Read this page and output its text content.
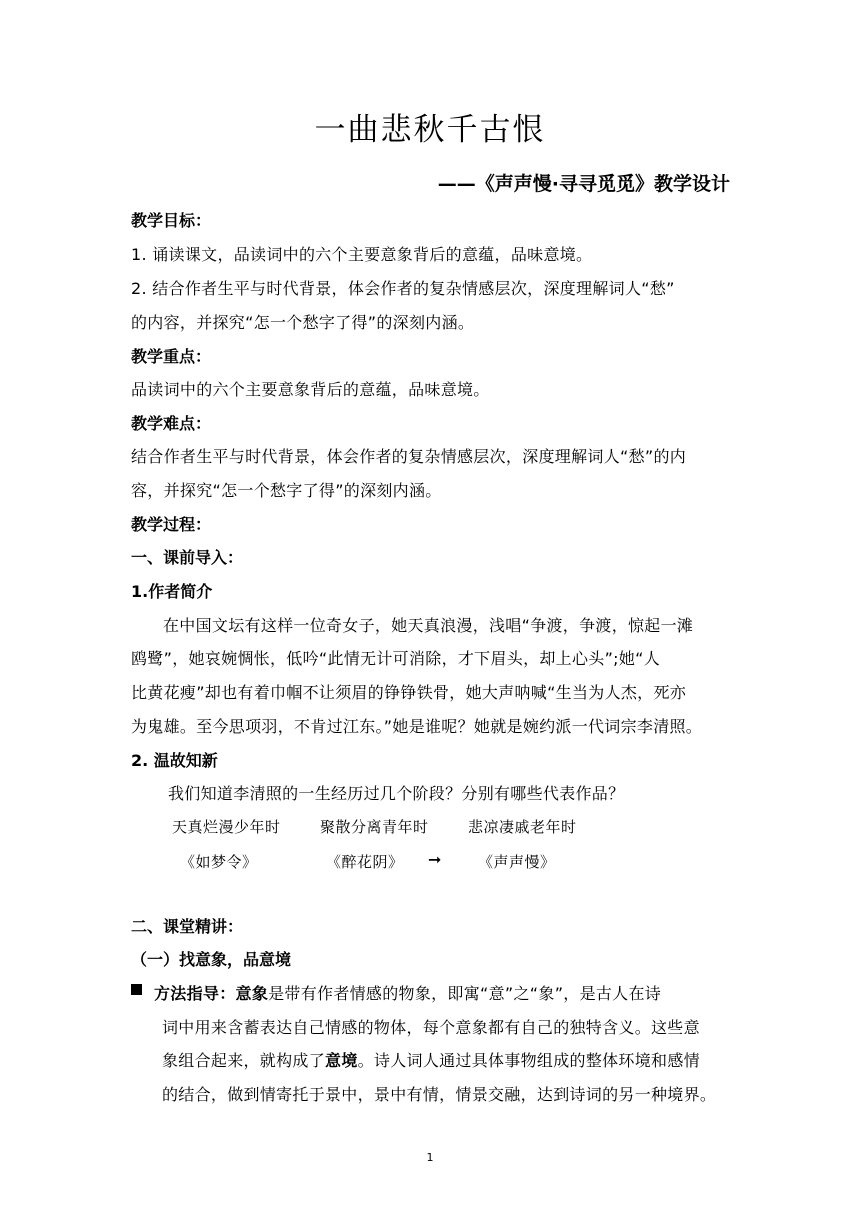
一曲悲秋千古恨
——《声声慢·寻寻觅觅》教学设计
教学目标：
1. 诵读课文，品读词中的六个主要意象背后的意蕴，品味意境。
2. 结合作者生平与时代背景，体会作者的复杂情感层次，深度理解词人“愁”
的内容，并探究“怎一个愁字了得”的深刻内涵。
教学重点：
品读词中的六个主要意象背后的意蕴，品味意境。
教学难点：
结合作者生平与时代背景，体会作者的复杂情感层次，深度理解词人“愁”的内
容，并探究“怎一个愁字了得”的深刻内涵。
教学过程：
一、课前导入：
1.作者简介
在中国文坛有这样一位奇女子，她天真浪漫，浅唱“争渡，争渡，惊起一滩
鸥鹭”，她哀婉惆怅，低吟“此情无计可消除，才下眉头，却上心头”;她“人
比黄花瘦”却也有着巾帼不让须眉的铮铮铁骨，她大声呐喊“生当为人杰，死亦
为鬼雄。至今思项羽，不肯过江东。”她是谁呢？她就是婉约派一代词宗李清照。
2. 温故知新
我们知道李清照的一生经历过几个阶段？分别有哪些代表作品？
天真烂漫少年时	聚散分离青年时	悲凉凄戚老年时
《如梦令》	《醉花阴》 ➞ 《声声慢》
二、课堂精讲：
（一）找意象，品意境
方法指导：意象是带有作者情感的物象，即寓“意”之“象”，是古人在诗
词中用来含蓄表达自己情感的物体，每个意象都有自己的独特含义。这些意
象组合起来，就构成了意境。诗人词人通过具体事物组成的整体环境和感情
的结合，做到情寄托于景中，景中有情，情景交融，达到诗词的另一种境界。
1
